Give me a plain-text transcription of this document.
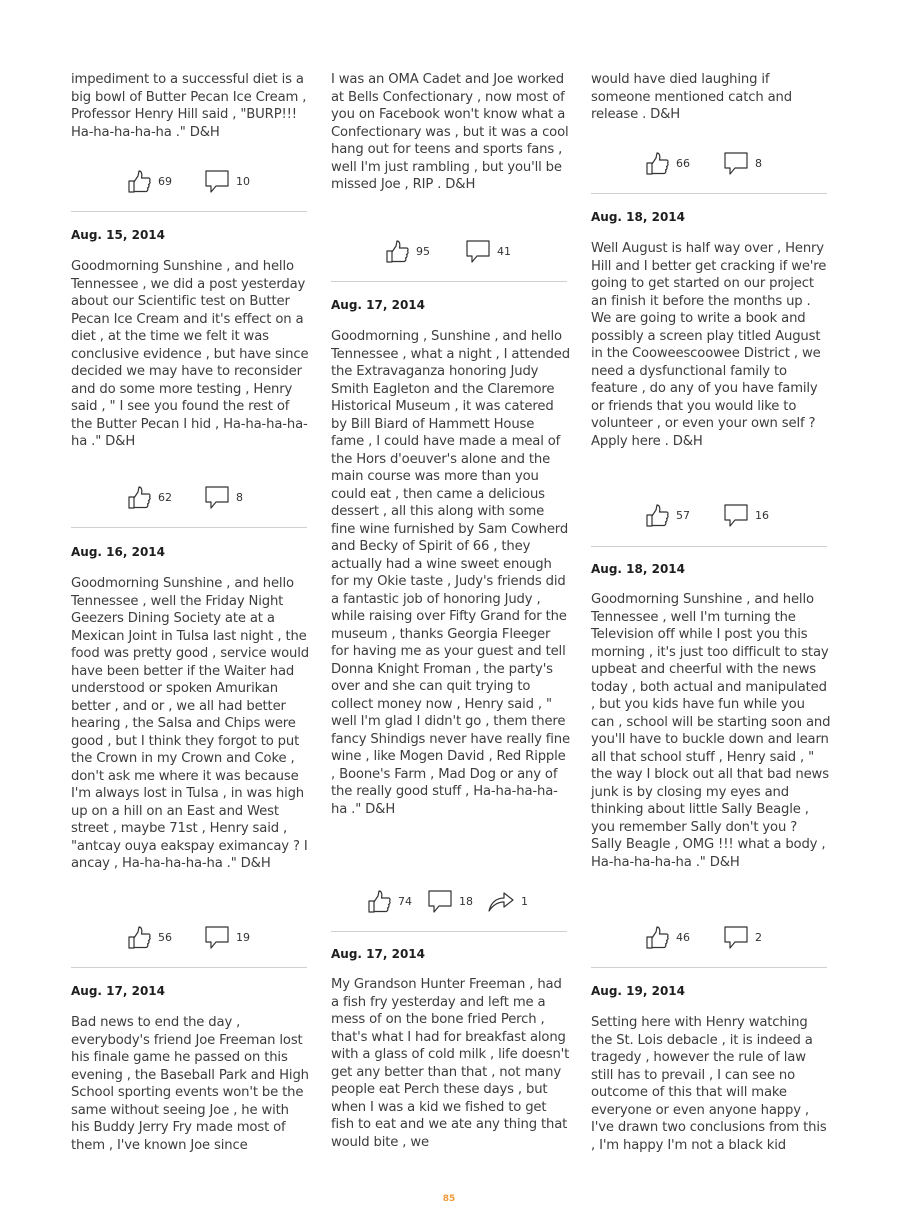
impediment to a successful diet is a big bowl of Butter Pecan Ice Cream , Professor Henry Hill said , "BURP!!! Ha-ha-ha-ha-ha ." D&H
69	10
Aug. 15, 2014
Goodmorning Sunshine , and hello Tennessee , we did a post yesterday about our Scientific test on Butter Pecan Ice Cream and it's effect on a diet , at the time we felt it was conclusive evidence , but have since decided we may have to reconsider and do some more testing , Henry said , " I see you found the rest of the Butter Pecan I hid , Ha-ha-ha-ha-ha ." D&H
62	8
Aug. 16, 2014
Goodmorning Sunshine , and hello Tennessee , well the Friday Night Geezers Dining Society ate at a Mexican Joint in Tulsa last night , the food was pretty good , service would have been better if the Waiter had understood or spoken Amurikan better , and or , we all had better hearing , the Salsa and Chips were good , but I think they forgot to put the Crown in my Crown and Coke , don't ask me where it was because I'm always lost in Tulsa , in was high up on a hill on an East and West street , maybe 71st , Henry said , "antcay ouya eakspay eximancay ? I ancay , Ha-ha-ha-ha-ha ." D&H
56	19
Aug. 17, 2014
Bad news to end the day , everybody's friend Joe Freeman lost his finale game he passed on this evening , the Baseball Park and High School sporting events won't be the same without seeing Joe , he with his Buddy Jerry Fry made most of them , I've known Joe since
I was an OMA Cadet and Joe worked at Bells Confectionary , now most of you on Facebook won't know what a Confectionary was , but it was a cool hang out for teens and sports fans , well I'm just rambling , but you'll be missed Joe , RIP . D&H
95	41
Aug. 17, 2014
Goodmorning , Sunshine , and hello Tennessee , what a night , I attended the Extravaganza honoring Judy Smith Eagleton and the Claremore Historical Museum , it was catered by Bill Biard of Hammett House fame , I could have made a meal of the Hors d'oeuver's alone and the main course was more than you could eat , then came a delicious dessert , all this along with some fine wine furnished by Sam Cowherd and Becky of Spirit of 66 , they actually had a wine sweet enough for my Okie taste , Judy's friends did a fantastic job of honoring Judy , while raising over Fifty Grand for the museum , thanks Georgia Fleeger for having me as your guest and tell Donna Knight Froman , the party's over and she can quit trying to collect money now , Henry said , " well I'm glad I didn't go , them there fancy Shindigs never have really fine wine , like Mogen David , Red Ripple , Boone's Farm , Mad Dog or any of the really good stuff , Ha-ha-ha-ha-ha ." D&H
74	18	1
Aug. 17, 2014
My Grandson Hunter Freeman , had a fish fry yesterday and left me a mess of on the bone fried Perch , that's what I had for breakfast along with a glass of cold milk , life doesn't get any better than that , not many people eat Perch these days , but when I was a kid we fished to get fish to eat and we ate any thing that would bite , we
would have died laughing if someone mentioned catch and release . D&H
66	8
Aug. 18, 2014
Well August is half way over , Henry Hill and I better get cracking if we're going to get started on our project an finish it before the months up . We are going to write a book and possibly a screen play titled August in the Cooweescoowee District , we need a dysfunctional family to feature , do any of you have family or friends that you would like to volunteer , or even your own self ? Apply here . D&H
57	16
Aug. 18, 2014
Goodmorning Sunshine , and hello Tennessee , well I'm turning the Television off while I post you this morning , it's just too difficult to stay upbeat and cheerful with the news today , both actual and manipulated , but you kids have fun while you can , school will be starting soon and you'll have to buckle down and learn all that school stuff , Henry said , " the way I block out all that bad news junk is by closing my eyes and thinking about little Sally Beagle , you remember Sally don't you ? Sally Beagle , OMG !!! what a body , Ha-ha-ha-ha-ha ." D&H
46	2
Aug. 19, 2014
Setting here with Henry watching the St. Lois debacle , it is indeed a tragedy , however the rule of law still has to prevail , I can see no outcome of this that will make everyone or even anyone happy , I've drawn two conclusions from this , I'm happy I'm not a black kid
85
